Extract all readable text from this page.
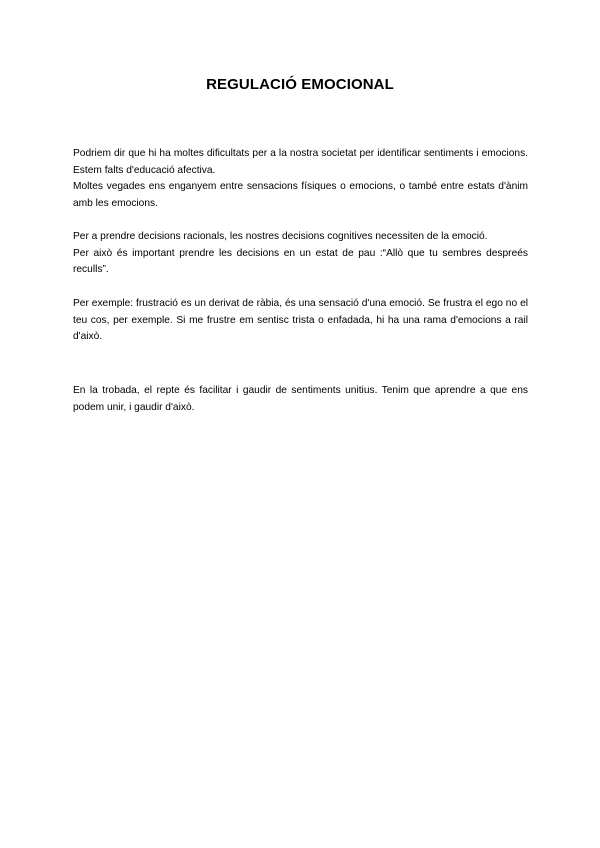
REGULACIÓ EMOCIONAL
Podriem dir que hi ha moltes dificultats per a la nostra societat per identificar sentiments i emocions. Estem falts d'educació afectiva.
Moltes vegades ens enganyem entre sensacions físiques o emocions, o també entre estats d'ànim amb les emocions.
Per a prendre decisions racionals, les nostres decisions cognitives necessiten de la emoció.
Per això és important prendre les decisions en un estat de pau :“Allò que tu sembres despreés reculls”.
Per exemple: frustració es un derivat de ràbia, és una sensació d'una emoció. Se frustra el ego no el teu cos, per exemple. Si me frustre em sentisc trista o enfadada, hi ha una rama d'emocions a rail d'això.
En la trobada, el repte és facilitar i gaudir de sentiments unitius. Tenim que aprendre a que ens podem unir, i gaudir d'això.
